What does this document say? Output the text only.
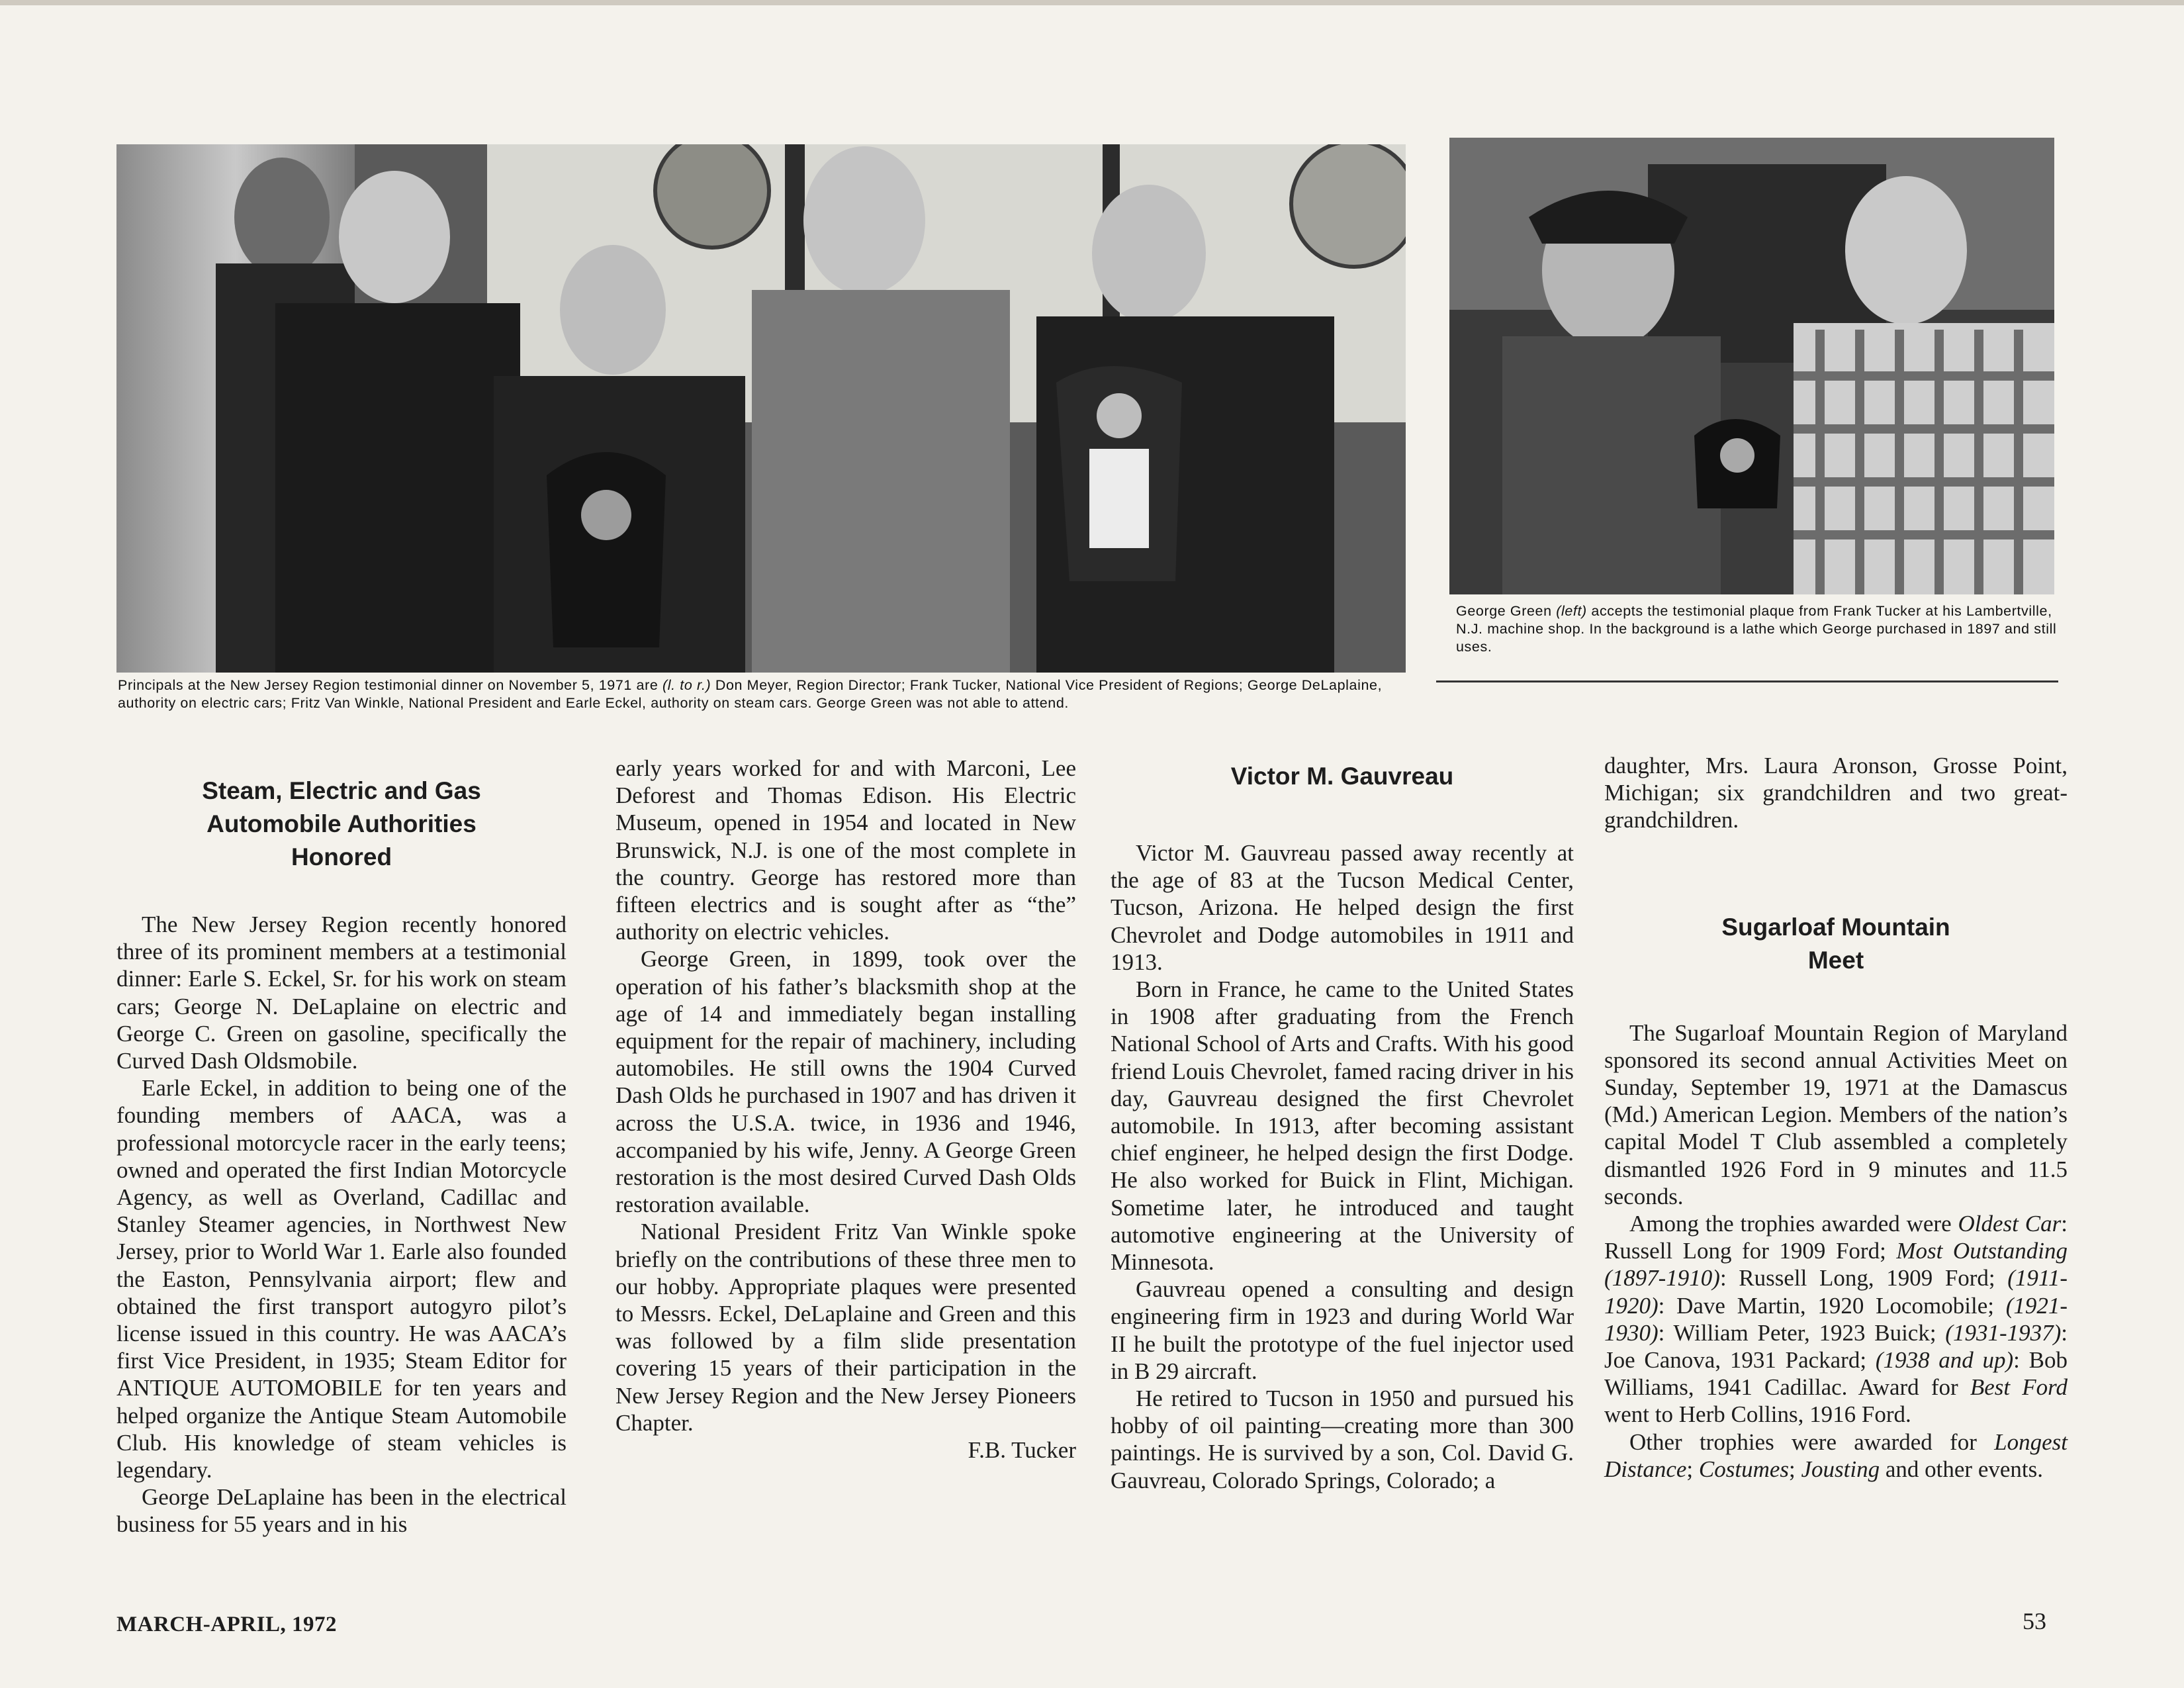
Principals at the New Jersey Region testimonial dinner on November 5, 1971 are (l. to r.) Don Meyer, Region Director; Frank Tucker, National Vice President of Regions; George DeLaplaine, authority on electric cars; Fritz Van Winkle, National President and Earle Eckel, authority on steam cars. George Green was not able to attend.
George Green (left) accepts the testimonial plaque from Frank Tucker at his Lambertville, N.J. machine shop. In the background is a lathe which George purchased in 1897 and still uses.
Steam, Electric and Gas
Automobile Authorities
Honored

The New Jersey Region recently honored three of its prominent members at a testimonial dinner: Earle S. Eckel, Sr. for his work on steam cars; George N. DeLaplaine on electric and George C. Green on gasoline, specifically the Curved Dash Oldsmobile.

Earle Eckel, in addition to being one of the founding members of AACA, was a professional motorcycle racer in the early teens; owned and operated the first Indian Motorcycle Agency, as well as Overland, Cadillac and Stanley Steamer agencies, in Northwest New Jersey, prior to World War 1. Earle also founded the Easton, Pennsylvania airport; flew and obtained the first transport autogyro pilot’s license issued in this country. He was AACA’s first Vice President, in 1935; Steam Editor for ANTIQUE AUTOMOBILE for ten years and helped organize the Antique Steam Automobile Club. His knowledge of steam vehicles is legendary.

George DeLaplaine has been in the electrical business for 55 years and in his

early years worked for and with Marconi, Lee Deforest and Thomas Edison. His Electric Museum, opened in 1954 and located in New Brunswick, N.J. is one of the most complete in the country. George has restored more than fifteen electrics and is sought after as “the” authority on electric vehicles.

George Green, in 1899, took over the operation of his father’s blacksmith shop at the age of 14 and immediately began installing equipment for the repair of machinery, including automobiles. He still owns the 1904 Curved Dash Olds he purchased in 1907 and has driven it across the U.S.A. twice, in 1936 and 1946, accompanied by his wife, Jenny. A George Green restoration is the most desired Curved Dash Olds restoration available.

National President Fritz Van Winkle spoke briefly on the contributions of these three men to our hobby. Appropriate plaques were presented to Messrs. Eckel, DeLaplaine and Green and this was followed by a film slide presentation covering 15 years of their participation in the New Jersey Region and the New Jersey Pioneers Chapter.

F.B. Tucker

Victor M. Gauvreau

Victor M. Gauvreau passed away recently at the age of 83 at the Tucson Medical Center, Tucson, Arizona. He helped design the first Chevrolet and Dodge automobiles in 1911 and 1913.

Born in France, he came to the United States in 1908 after graduating from the French National School of Arts and Crafts. With his good friend Louis Chevrolet, famed racing driver in his day, Gauvreau designed the first Chevrolet automobile. In 1913, after becoming assistant chief engineer, he helped design the first Dodge. He also worked for Buick in Flint, Michigan. Sometime later, he introduced and taught automotive engineering at the University of Minnesota.

Gauvreau opened a consulting and design engineering firm in 1923 and during World War II he built the prototype of the fuel injector used in B 29 aircraft.

He retired to Tucson in 1950 and pursued his hobby of oil painting—creating more than 300 paintings. He is survived by a son, Col. David G. Gauvreau, Colorado Springs, Colorado; a

daughter, Mrs. Laura Aronson, Grosse Point, Michigan; six grandchildren and two great-grandchildren.

Sugarloaf Mountain
Meet

The Sugarloaf Mountain Region of Maryland sponsored its second annual Activities Meet on Sunday, September 19, 1971 at the Damascus (Md.) American Legion. Members of the nation’s capital Model T Club assembled a completely dismantled 1926 Ford in 9 minutes and 11.5 seconds.

Among the trophies awarded were Oldest Car: Russell Long for 1909 Ford; Most Outstanding (1897-1910): Russell Long, 1909 Ford; (1911-1920): Dave Martin, 1920 Locomobile; (1921-1930): William Peter, 1923 Buick; (1931-1937): Joe Canova, 1931 Packard; (1938 and up): Bob Williams, 1941 Cadillac. Award for Best Ford went to Herb Collins, 1916 Ford.

Other trophies were awarded for Longest Distance; Costumes; Jousting and other events.

MARCH-APRIL, 1972	53
